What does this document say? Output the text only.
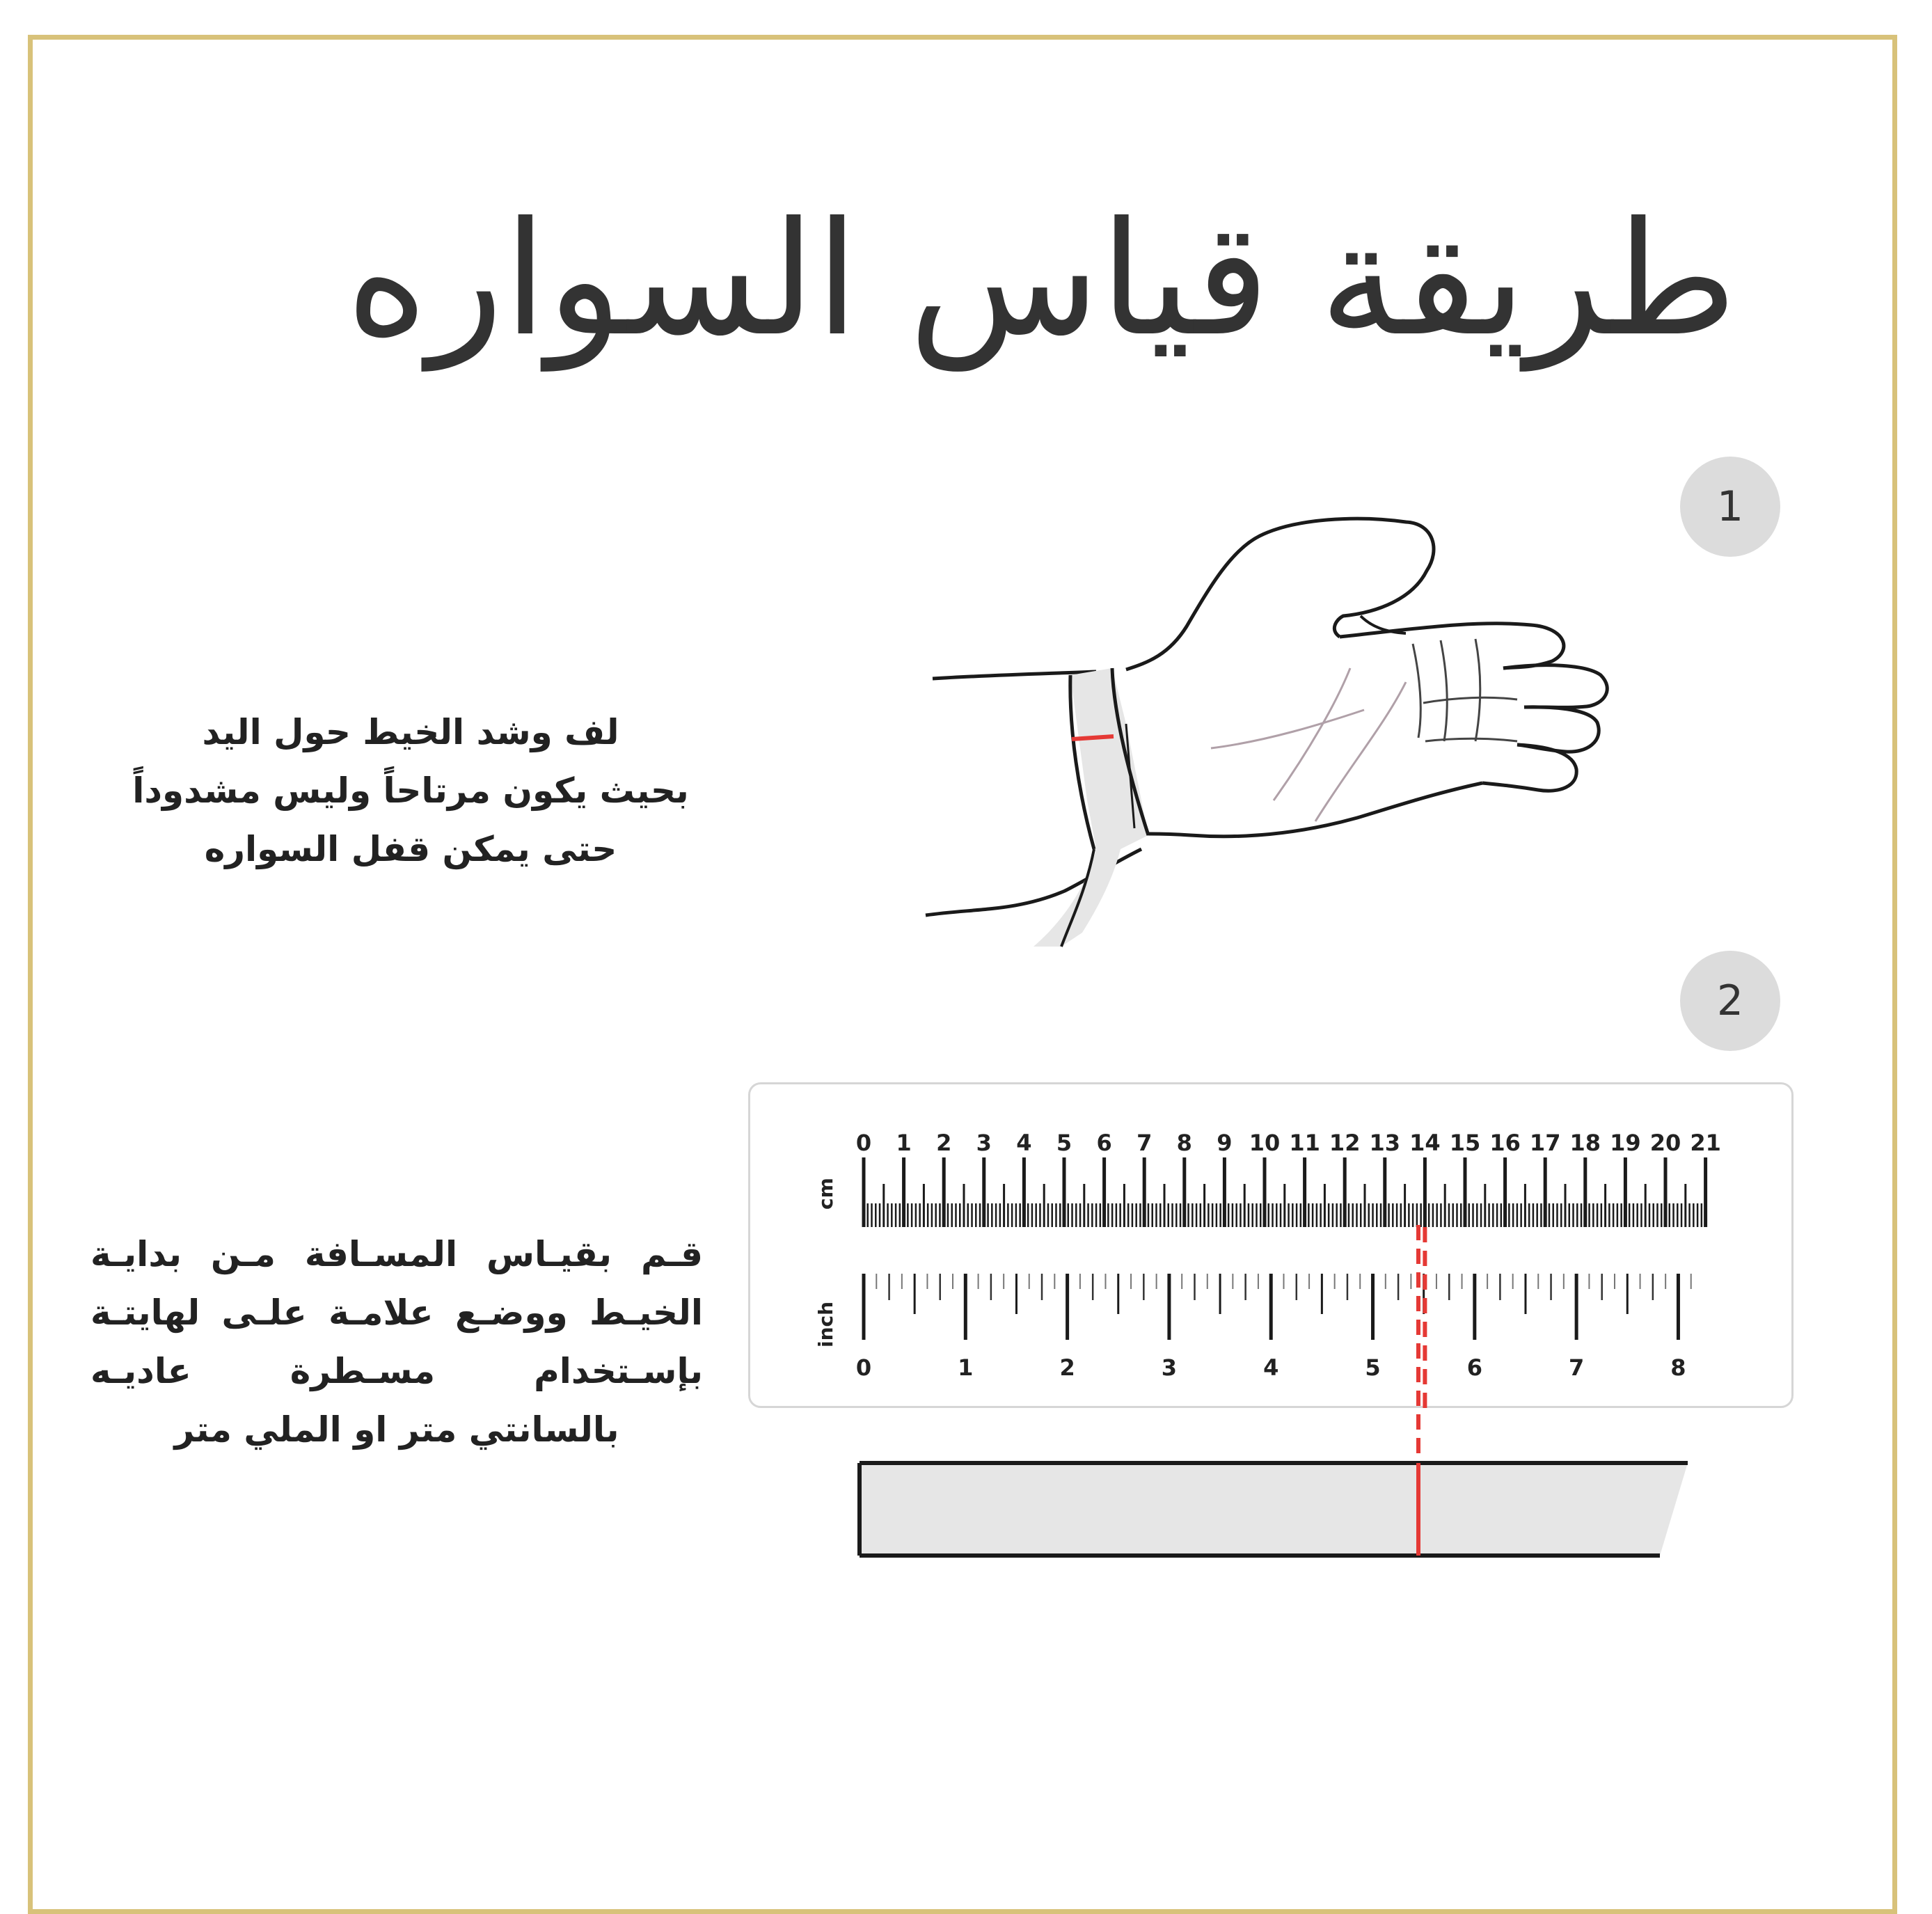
طريقة قياس السواره
1
لف وشد الخيط حول اليد
بحيث يكون مرتاحاً وليس مشدوداً
حتى يمكن قفل السواره
2
0 1 2 3 4 5 6 7 8 9 10 11 12 13 14 15 16 17 18 19 20 21
cm
0	1	2	3	4	5	6	7	8
inch
قـم بقيـاس المسـافة مـن بدايـة
الخيـط ووضـع علامـة علـى لهايتـة
بإسـتخدام مسـطرة عاديـه
بالسانتي متر او الملي متر
